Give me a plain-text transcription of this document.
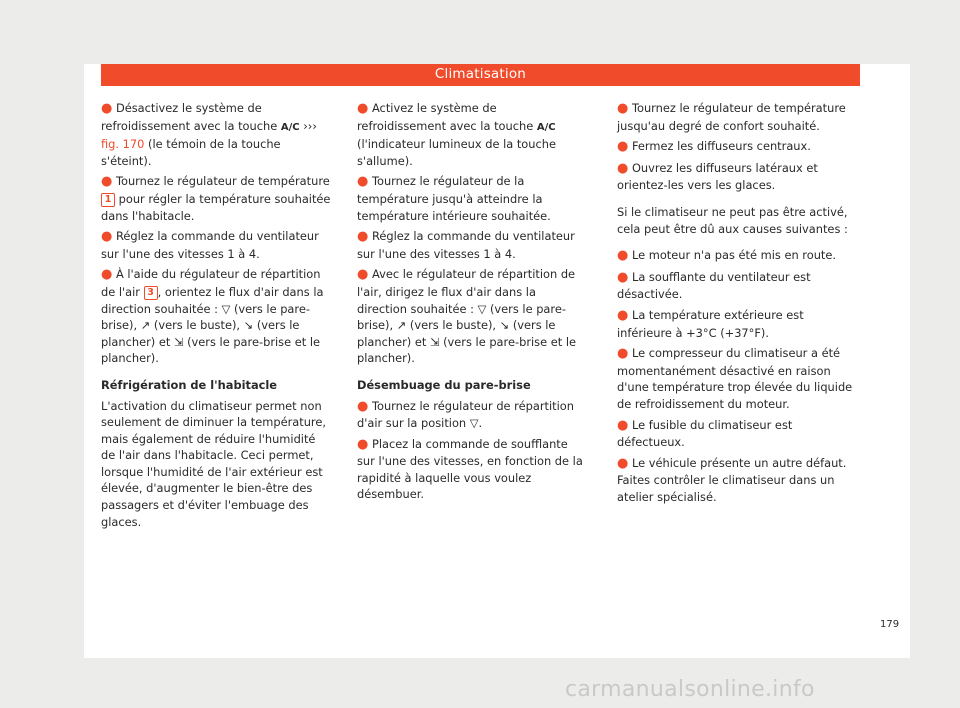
Climatisation

● Désactivez le système de refroidissement avec la touche A/C ››› fig. 170 (le témoin de la touche s'éteint).

● Tournez le régulateur de température 1 pour régler la température souhaitée dans l'habitacle.

● Réglez la commande du ventilateur sur l'une des vitesses 1 à 4.

● À l'aide du régulateur de répartition de l'air 3 , orientez le flux d'air dans la direction souhaitée : ▽ (vers le pare-brise), ↗ (vers le buste), ↘ (vers le plancher) et ⇲ (vers le pare-brise et le plancher).

Réfrigération de l'habitacle

L'activation du climatiseur permet non seulement de diminuer la température, mais également de réduire l'humidité de l'air dans l'habitacle. Ceci permet, lorsque l'humidité de l'air extérieur est élevée, d'augmenter le bien-être des passagers et d'éviter l'embuage des glaces.

● Activez le système de refroidissement avec la touche A/C (l'indicateur lumineux de la touche s'allume).

● Tournez le régulateur de la température jusqu'à atteindre la température intérieure souhaitée.

● Réglez la commande du ventilateur sur l'une des vitesses 1 à 4.

● Avec le régulateur de répartition de l'air, dirigez le flux d'air dans la direction souhaitée : ▽ (vers le pare-brise), ↗ (vers le buste), ↘ (vers le plancher) et ⇲ (vers le pare-brise et le plancher).

Désembuage du pare-brise

● Tournez le régulateur de répartition d'air sur la position ▽.

● Placez la commande de soufflante sur l'une des vitesses, en fonction de la rapidité à laquelle vous voulez désembuer.

● Tournez le régulateur de température jusqu'au degré de confort souhaité.

● Fermez les diffuseurs centraux.

● Ouvrez les diffuseurs latéraux et orientez-les vers les glaces.

Si le climatiseur ne peut pas être activé, cela peut être dû aux causes suivantes :

● Le moteur n'a pas été mis en route.

● La soufflante du ventilateur est désactivée.

● La température extérieure est inférieure à +3°C (+37°F).

● Le compresseur du climatiseur a été momentanément désactivé en raison d'une température trop élevée du liquide de refroidissement du moteur.

● Le fusible du climatiseur est défectueux.

● Le véhicule présente un autre défaut. Faites contrôler le climatiseur dans un atelier spécialisé.

179
carmanualsonline.info
